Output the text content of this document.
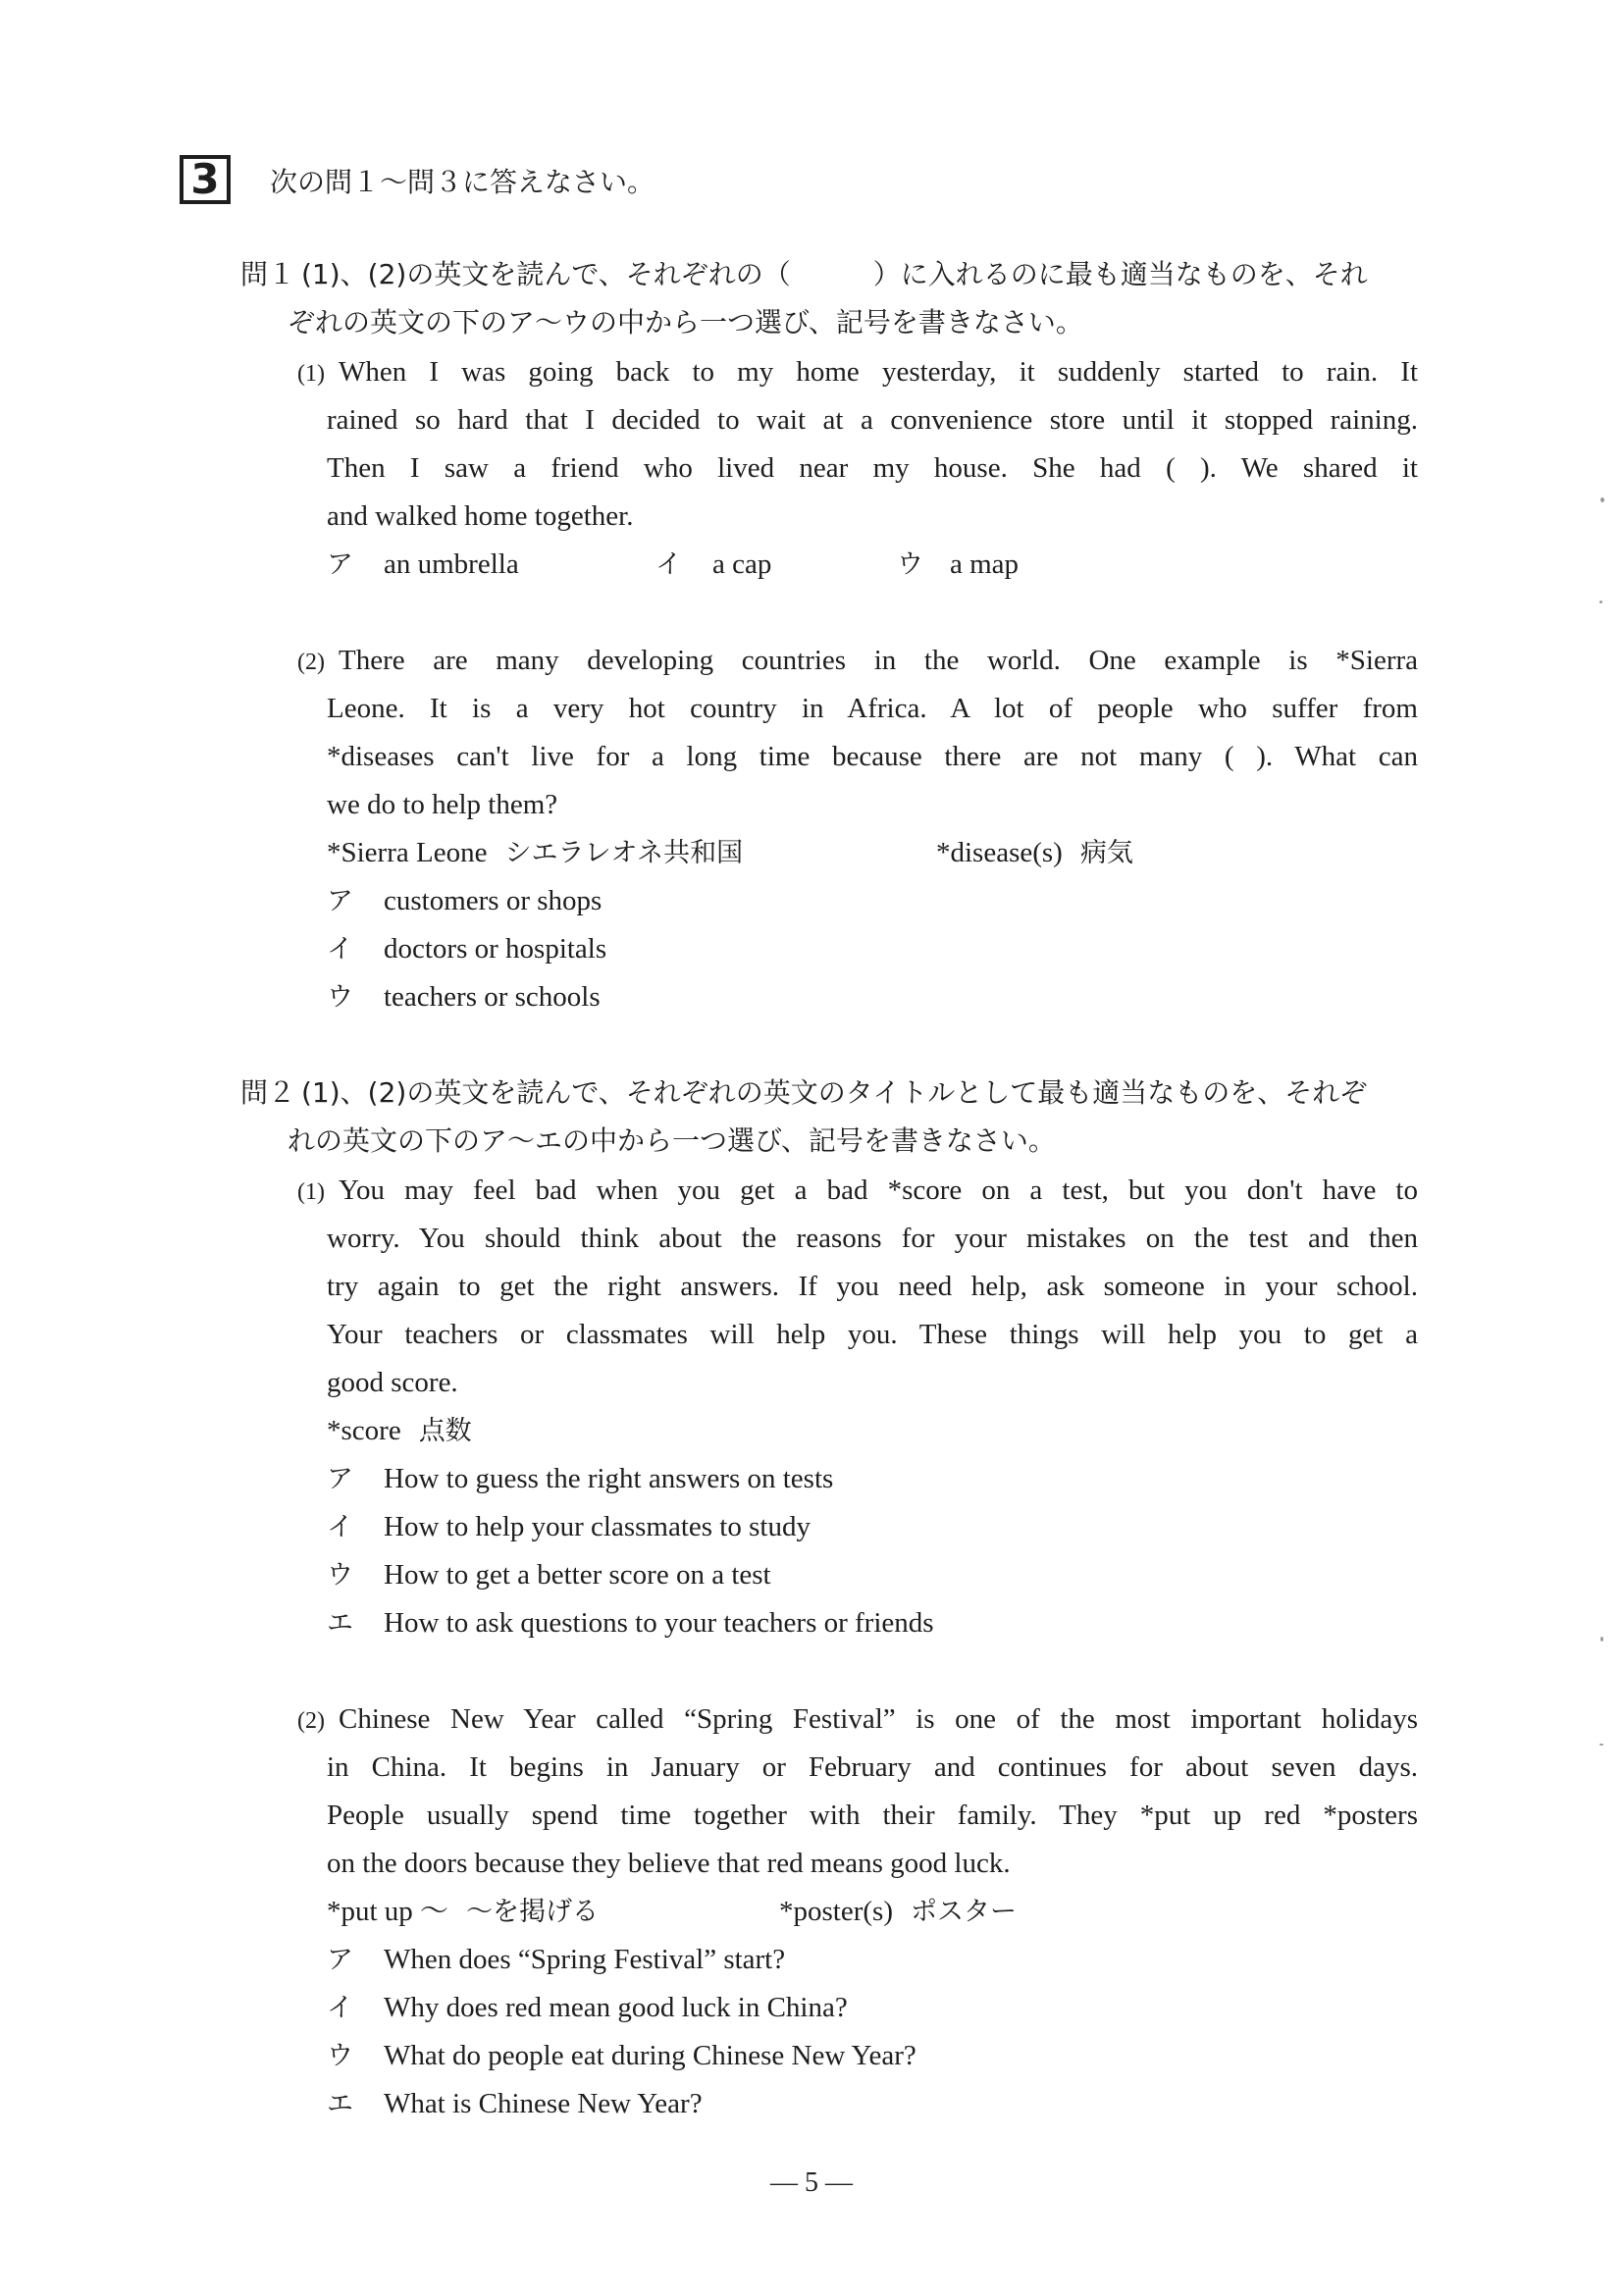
3 次の問１～問３に答えなさい。
問１ (1)、(2)の英文を読んで、それぞれの（　　　）に入れるのに最も適当なものを、それ
ぞれの英文の下のア～ウの中から一つ選び、記号を書きなさい。
(1) When I was going back to my home yesterday, it suddenly started to rain. It
rained so hard that I decided to wait at a convenience store until it stopped raining.
Then I saw a friend who lived near my house. She had ( ). We shared it
and walked home together.
ア an umbrella	イ a cap	ウ a map
(2) There are many developing countries in the world. One example is *Sierra
Leone. It is a very hot country in Africa. A lot of people who suffer from
*diseases can't live for a long time because there are not many ( ). What can
we do to help them?
*Sierra Leone シエラレオネ共和国	*disease(s) 病気
ア customers or shops
イ doctors or hospitals
ウ teachers or schools
問２ (1)、(2)の英文を読んで、それぞれの英文のタイトルとして最も適当なものを、それぞ
れの英文の下のア～エの中から一つ選び、記号を書きなさい。
(1) You may feel bad when you get a bad *score on a test, but you don't have to
worry. You should think about the reasons for your mistakes on the test and then
try again to get the right answers. If you need help, ask someone in your school.
Your teachers or classmates will help you. These things will help you to get a
good score.
*score 点数
ア How to guess the right answers on tests
イ How to help your classmates to study
ウ How to get a better score on a test
エ How to ask questions to your teachers or friends
(2) Chinese New Year called “Spring Festival” is one of the most important holidays
in China. It begins in January or February and continues for about seven days.
People usually spend time together with their family. They *put up red *posters
on the doors because they believe that red means good luck.
*put up ～ ～を掲げる	*poster(s) ポスター
ア When does “Spring Festival” start?
イ Why does red mean good luck in China?
ウ What do people eat during Chinese New Year?
エ What is Chinese New Year?
— 5 —
